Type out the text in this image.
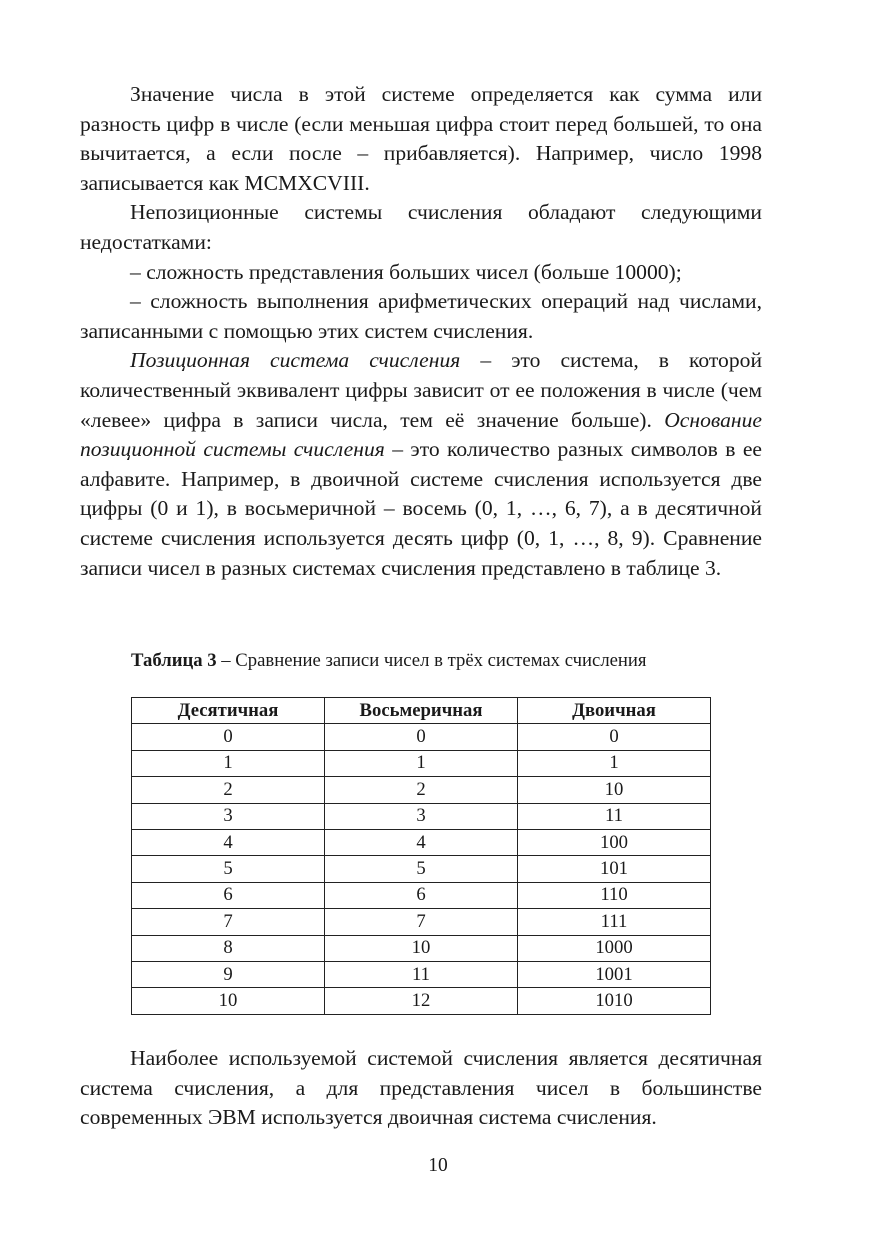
Значение числа в этой системе определяется как сумма или разность цифр в числе (если меньшая цифра стоит перед большей, то она вычитается, а если после – прибавляется). Например, число 1998 записывается как MCMXCVIII.

Непозиционные системы счисления обладают следующими недостатками:

– сложность представления больших чисел (больше 10000);

– сложность выполнения арифметических операций над числами, записанными с помощью этих систем счисления.

Позиционная система счисления – это система, в которой количественный эквивалент цифры зависит от ее положения в числе (чем «левее» цифра в записи числа, тем её значение больше). Основание позиционной системы счисления – это количество разных символов в ее алфавите. Например, в двоичной системе счисления используется две цифры (0 и 1), в восьмеричной – восемь (0, 1, …, 6, 7), а в десятичной системе счисления используется десять цифр (0, 1, …, 8, 9). Сравнение записи чисел в разных системах счисления представлено в таблице 3.

Таблица 3 – Сравнение записи чисел в трёх системах счисления
Десятичная	Восьмеричная	Двоичная
0	0	0
1	1	1
2	2	10
3	3	11
4	4	100
5	5	101
6	6	110
7	7	111
8	10	1000
9	11	1001
10	12	1010

Наиболее используемой системой счисления является десятичная система счисления, а для представления чисел в большинстве современных ЭВМ используется двоичная система счисления.

10
